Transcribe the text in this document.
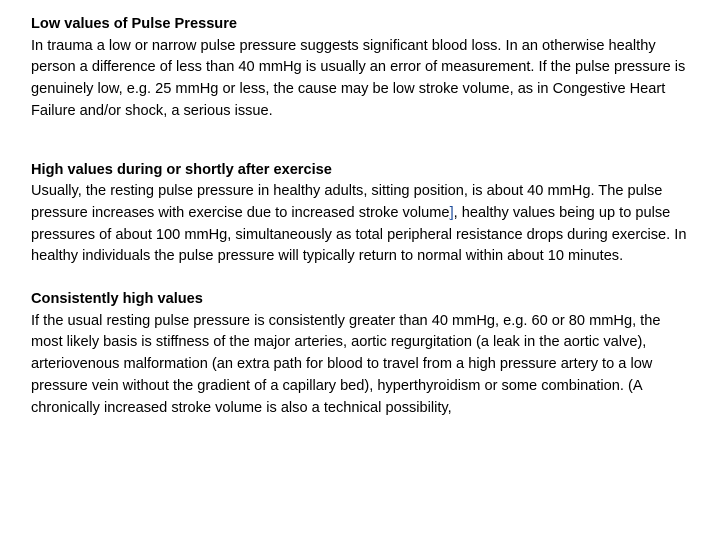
Low values of Pulse Pressure
In trauma a low or narrow pulse pressure suggests significant blood loss. In an otherwise healthy person a difference of less than 40 mmHg is usually an error of measurement. If the pulse pressure is genuinely low, e.g. 25 mmHg or less, the cause may be low stroke volume, as in Congestive Heart Failure and/or shock, a serious issue.
High values during or shortly after exercise
Usually, the resting pulse pressure in healthy adults, sitting position, is about 40 mmHg. The pulse pressure increases with exercise due to increased stroke volume], healthy values being up to pulse pressures of about 100 mmHg, simultaneously as total peripheral resistance drops during exercise. In healthy individuals the pulse pressure will typically return to normal within about 10 minutes.
Consistently high values
If the usual resting pulse pressure is consistently greater than 40 mmHg, e.g. 60 or 80 mmHg, the most likely basis is stiffness of the major arteries, aortic regurgitation (a leak in the aortic valve), arteriovenous malformation (an extra path for blood to travel from a high pressure artery to a low pressure vein without the gradient of a capillary bed), hyperthyroidism or some combination. (A chronically increased stroke volume is also a technical possibility,
